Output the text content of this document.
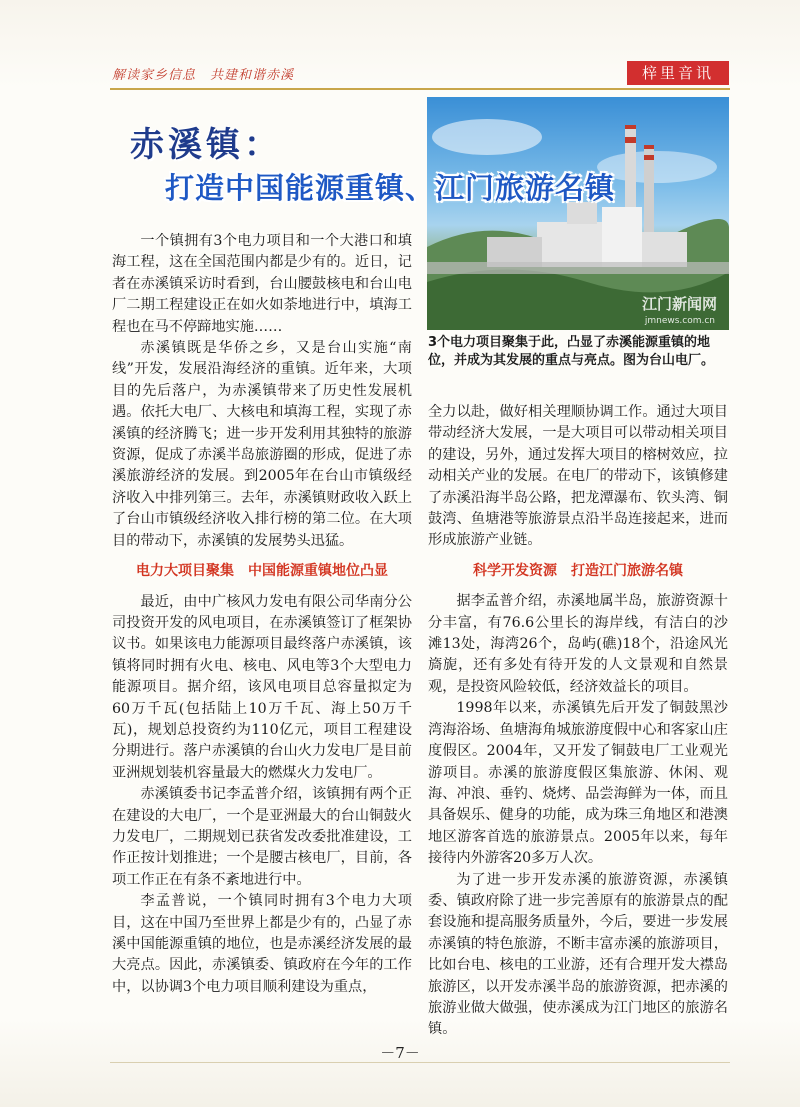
解读家乡信息　共建和谐赤溪	梓里音讯
江门新闻网
jmnews.com.cn
赤溪镇：
打造中国能源重镇、江门旅游名镇
3个电力项目聚集于此，凸显了赤溪能源重镇的地位，并成为其发展的重点与亮点。图为台山电厂。

一个镇拥有3个电力项目和一个大港口和填海工程，这在全国范围内都是少有的。近日，记者在赤溪镇采访时看到，台山腰鼓核电和台山电厂二期工程建设正在如火如荼地进行中，填海工程也在马不停蹄地实施……

赤溪镇既是华侨之乡，又是台山实施“南线”开发，发展沿海经济的重镇。近年来，大项目的先后落户，为赤溪镇带来了历史性发展机遇。依托大电厂、大核电和填海工程，实现了赤溪镇的经济腾飞；进一步开发利用其独特的旅游资源，促成了赤溪半岛旅游圈的形成，促进了赤溪旅游经济的发展。到2005年在台山市镇级经济收入中排列第三。去年，赤溪镇财政收入跃上了台山市镇级经济收入排行榜的第二位。在大项目的带动下，赤溪镇的发展势头迅猛。

电力大项目聚集　中国能源重镇地位凸显

最近，由中广核风力发电有限公司华南分公司投资开发的风电项目，在赤溪镇签订了框架协议书。如果该电力能源项目最终落户赤溪镇，该镇将同时拥有火电、核电、风电等3个大型电力能源项目。据介绍，该风电项目总容量拟定为60万千瓦(包括陆上10万千瓦、海上50万千瓦)，规划总投资约为110亿元，项目工程建设分期进行。落户赤溪镇的台山火力发电厂是目前亚洲规划装机容量最大的燃煤火力发电厂。

赤溪镇委书记李孟普介绍，该镇拥有两个正在建设的大电厂，一个是亚洲最大的台山铜鼓火力发电厂，二期规划已获省发改委批准建设，工作正按计划推进；一个是腰古核电厂，目前，各项工作正在有条不紊地进行中。

李孟普说，一个镇同时拥有3个电力大项目，这在中国乃至世界上都是少有的，凸显了赤溪中国能源重镇的地位，也是赤溪经济发展的最大亮点。因此，赤溪镇委、镇政府在今年的工作中，以协调3个电力项目顺利建设为重点，

全力以赴，做好相关理顺协调工作。通过大项目带动经济大发展，一是大项目可以带动相关项目的建设，另外，通过发挥大项目的榕树效应，拉动相关产业的发展。在电厂的带动下，该镇修建了赤溪沿海半岛公路，把龙潭瀑布、钦头湾、铜鼓湾、鱼塘港等旅游景点沿半岛连接起来，进而形成旅游产业链。

科学开发资源　打造江门旅游名镇

据李孟普介绍，赤溪地属半岛，旅游资源十分丰富，有76.6公里长的海岸线，有洁白的沙滩13处，海湾26个，岛屿(礁)18个，沿途风光旖旎，还有多处有待开发的人文景观和自然景观，是投资风险较低，经济效益长的项目。

1998年以来，赤溪镇先后开发了铜鼓黑沙湾海浴场、鱼塘海角城旅游度假中心和客家山庄度假区。2004年，又开发了铜鼓电厂工业观光游项目。赤溪的旅游度假区集旅游、休闲、观海、冲浪、垂钓、烧烤、品尝海鲜为一体，而且具备娱乐、健身的功能，成为珠三角地区和港澳地区游客首选的旅游景点。2005年以来，每年接待内外游客20多万人次。

为了进一步开发赤溪的旅游资源，赤溪镇委、镇政府除了进一步完善原有的旅游景点的配套设施和提高服务质量外，今后，要进一步发展赤溪镇的特色旅游，不断丰富赤溪的旅游项目，比如台电、核电的工业游，还有合理开发大襟岛旅游区，以开发赤溪半岛的旅游资源，把赤溪的旅游业做大做强，使赤溪成为江门地区的旅游名镇。

－7－
